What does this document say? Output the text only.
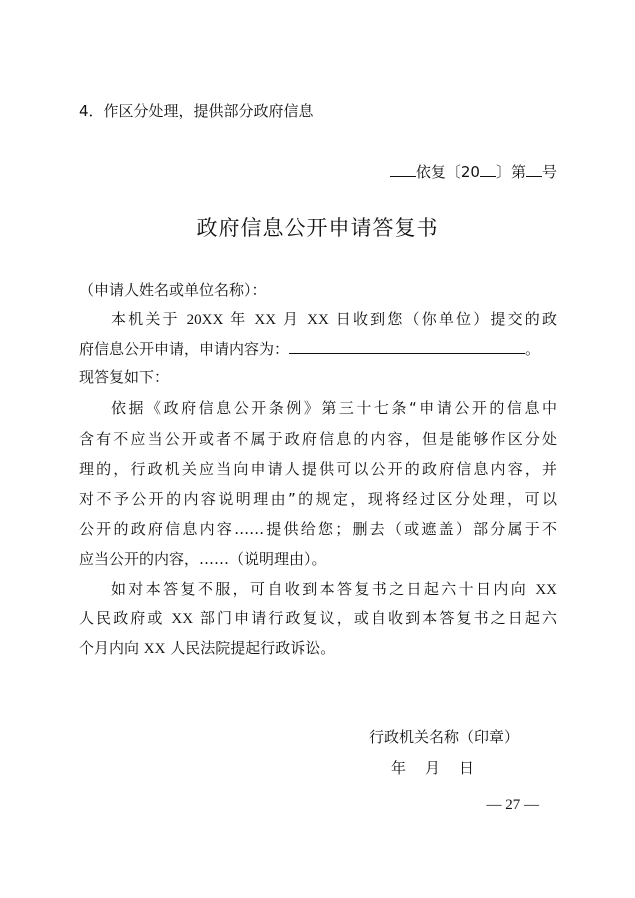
4．作区分处理，提供部分政府信息
依复〔20 〕第 号
政府信息公开申请答复书
（申请人姓名或单位名称）：
本机关于 20XX 年 XX 月 XX 日收到您（你单位）提交的政
府信息公开申请，申请内容为：	。
现答复如下：
依据《政府信息公开条例》第三十七条“申请公开的信息中
含有不应当公开或者不属于政府信息的内容，但是能够作区分处
理的，行政机关应当向申请人提供可以公开的政府信息内容，并
对不予公开的内容说明理由”的规定，现将经过区分处理，可以
公开的政府信息内容……提供给您；删去（或遮盖）部分属于不
应当公开的内容，……（说明理由）。
如对本答复不服，可自收到本答复书之日起六十日内向 XX
人民政府或 XX 部门申请行政复议，或自收到本答复书之日起六
个月内向 XX 人民法院提起行政诉讼。
行政机关名称（印章）
年　月　日
— 27 —
